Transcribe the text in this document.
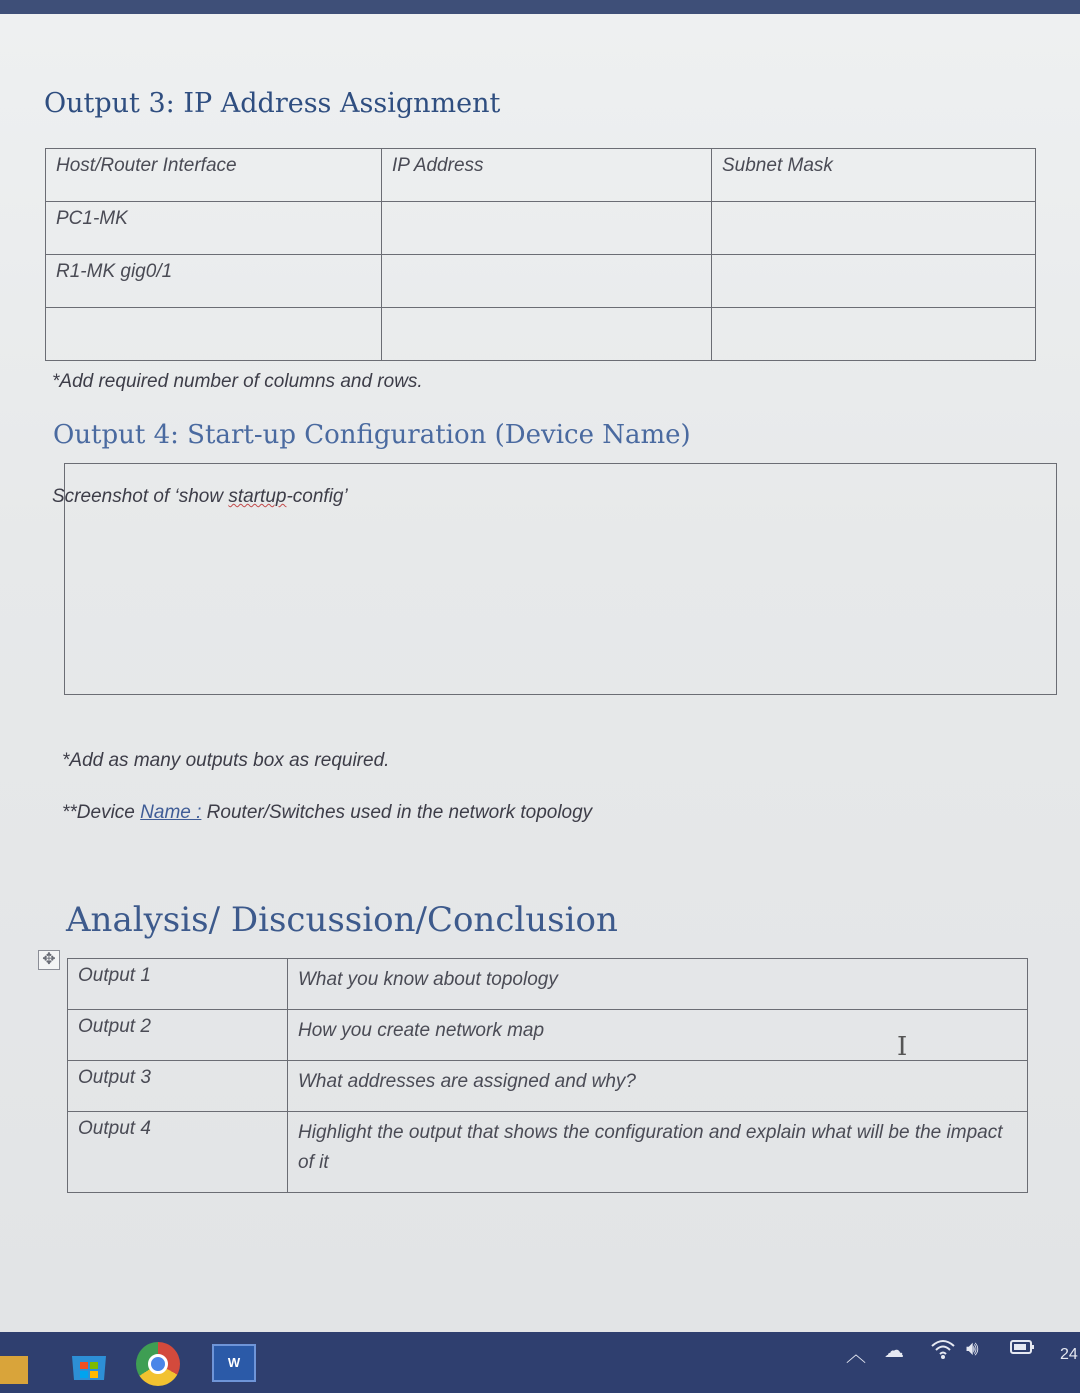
Output 3: IP Address Assignment
Host/Router Interface	IP Address	Subnet Mask
PC1-MK		
R1-MK gig0/1		

*Add required number of columns and rows.
Output 4: Start-up Configuration (Device Name)
Screenshot of ‘show startup-config’
*Add as many outputs box as required.
**Device Name : Router/Switches used in the network topology
Analysis/ Discussion/Conclusion
✥
Output 1	What you know about topology
Output 2	How you create network map
Output 3	What addresses are assigned and why?
Output 4	Highlight the output that shows the configuration and explain what will be the impact of it
I
W	︿ ☁	🔊︎	24
